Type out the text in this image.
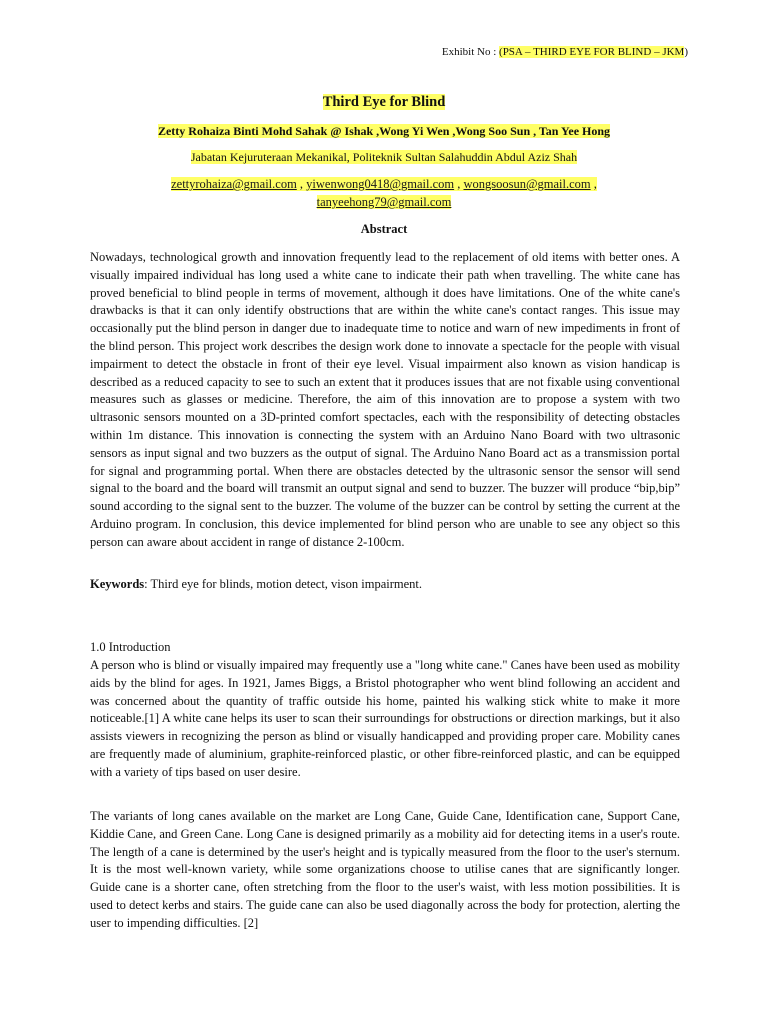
Exhibit No : (PSA – THIRD EYE FOR BLIND – JKM)
Third Eye for Blind
Zetty Rohaiza Binti Mohd Sahak @ Ishak ,Wong Yi Wen ,Wong Soo Sun , Tan Yee Hong
Jabatan Kejuruteraan Mekanikal, Politeknik Sultan Salahuddin Abdul Aziz Shah
zettyrohaiza@gmail.com , yiwenwong0418@gmail.com , wongsoosun@gmail.com ,
tanyeehong79@gmail.com
Abstract

Nowadays, technological growth and innovation frequently lead to the replacement of old items with better ones. A visually impaired individual has long used a white cane to indicate their path when travelling. The white cane has proved beneficial to blind people in terms of movement, although it does have limitations. One of the white cane's drawbacks is that it can only identify obstructions that are within the white cane's contact ranges. This issue may occasionally put the blind person in danger due to inadequate time to notice and warn of new impediments in front of the blind person. This project work describes the design work done to innovate a spectacle for the people with visual impairment to detect the obstacle in front of their eye level. Visual impairment also known as vision handicap is described as a reduced capacity to see to such an extent that it produces issues that are not fixable using conventional measures such as glasses or medicine. Therefore, the aim of this innovation are to propose a system with two ultrasonic sensors mounted on a 3D-printed comfort spectacles, each with the responsibility of detecting obstacles within 1m distance. This innovation is connecting the system with an Arduino Nano Board with two ultrasonic sensors as input signal and two buzzers as the output of signal. The Arduino Nano Board act as a transmission portal for signal and programming portal. When there are obstacles detected by the ultrasonic sensor the sensor will send signal to the board and the board will transmit an output signal and send to buzzer. The buzzer will produce “bip,bip” sound according to the signal sent to the buzzer. The volume of the buzzer can be control by setting the current at the Arduino program. In conclusion, this device implemented for blind person who are unable to see any object so this person can aware about accident in range of distance 2-100cm.

Keywords: Third eye for blinds, motion detect, vison impairment.

1.0 Introduction

A person who is blind or visually impaired may frequently use a "long white cane." Canes have been used as mobility aids by the blind for ages. In 1921, James Biggs, a Bristol photographer who went blind following an accident and was concerned about the quantity of traffic outside his home, painted his walking stick white to make it more noticeable.[1] A white cane helps its user to scan their surroundings for obstructions or direction markings, but it also assists viewers in recognizing the person as blind or visually handicapped and providing proper care. Mobility canes are frequently made of aluminium, graphite-reinforced plastic, or other fibre-reinforced plastic, and can be equipped with a variety of tips based on user desire.

The variants of long canes available on the market are Long Cane, Guide Cane, Identification cane, Support Cane, Kiddie Cane, and Green Cane. Long Cane is designed primarily as a mobility aid for detecting items in a user's route. The length of a cane is determined by the user's height and is typically measured from the floor to the user's sternum. It is the most well-known variety, while some organizations choose to utilise canes that are significantly longer. Guide cane is a shorter cane, often stretching from the floor to the user's waist, with less motion possibilities. It is used to detect kerbs and stairs. The guide cane can also be used diagonally across the body for protection, alerting the user to impending difficulties. [2]
